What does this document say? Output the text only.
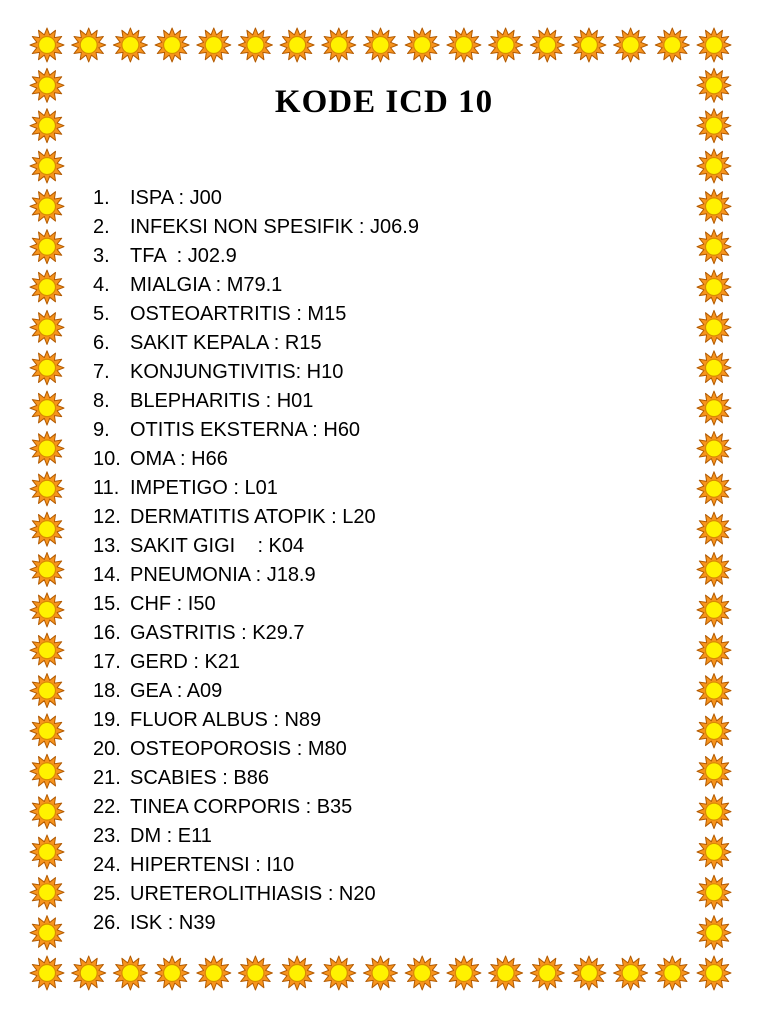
KODE ICD 10
1. ISPA : J00
2. INFEKSI NON SPESIFIK : J06.9
3. TFA  : J02.9
4. MIALGIA : M79.1
5. OSTEOARTRITIS : M15
6. SAKIT KEPALA : R15
7. KONJUNGTIVITIS: H10
8. BLEPHARITIS : H01
9. OTITIS EKSTERNA : H60
10. OMA : H66
11. IMPETIGO : L01
12. DERMATITIS ATOPIK : L20
13. SAKIT GIGI    : K04
14. PNEUMONIA : J18.9
15. CHF : I50
16. GASTRITIS : K29.7
17. GERD : K21
18. GEA : A09
19. FLUOR ALBUS : N89
20. OSTEOPOROSIS : M80
21. SCABIES : B86
22. TINEA CORPORIS : B35
23. DM : E11
24. HIPERTENSI : I10
25. URETEROLITHIASIS : N20
26. ISK : N39
